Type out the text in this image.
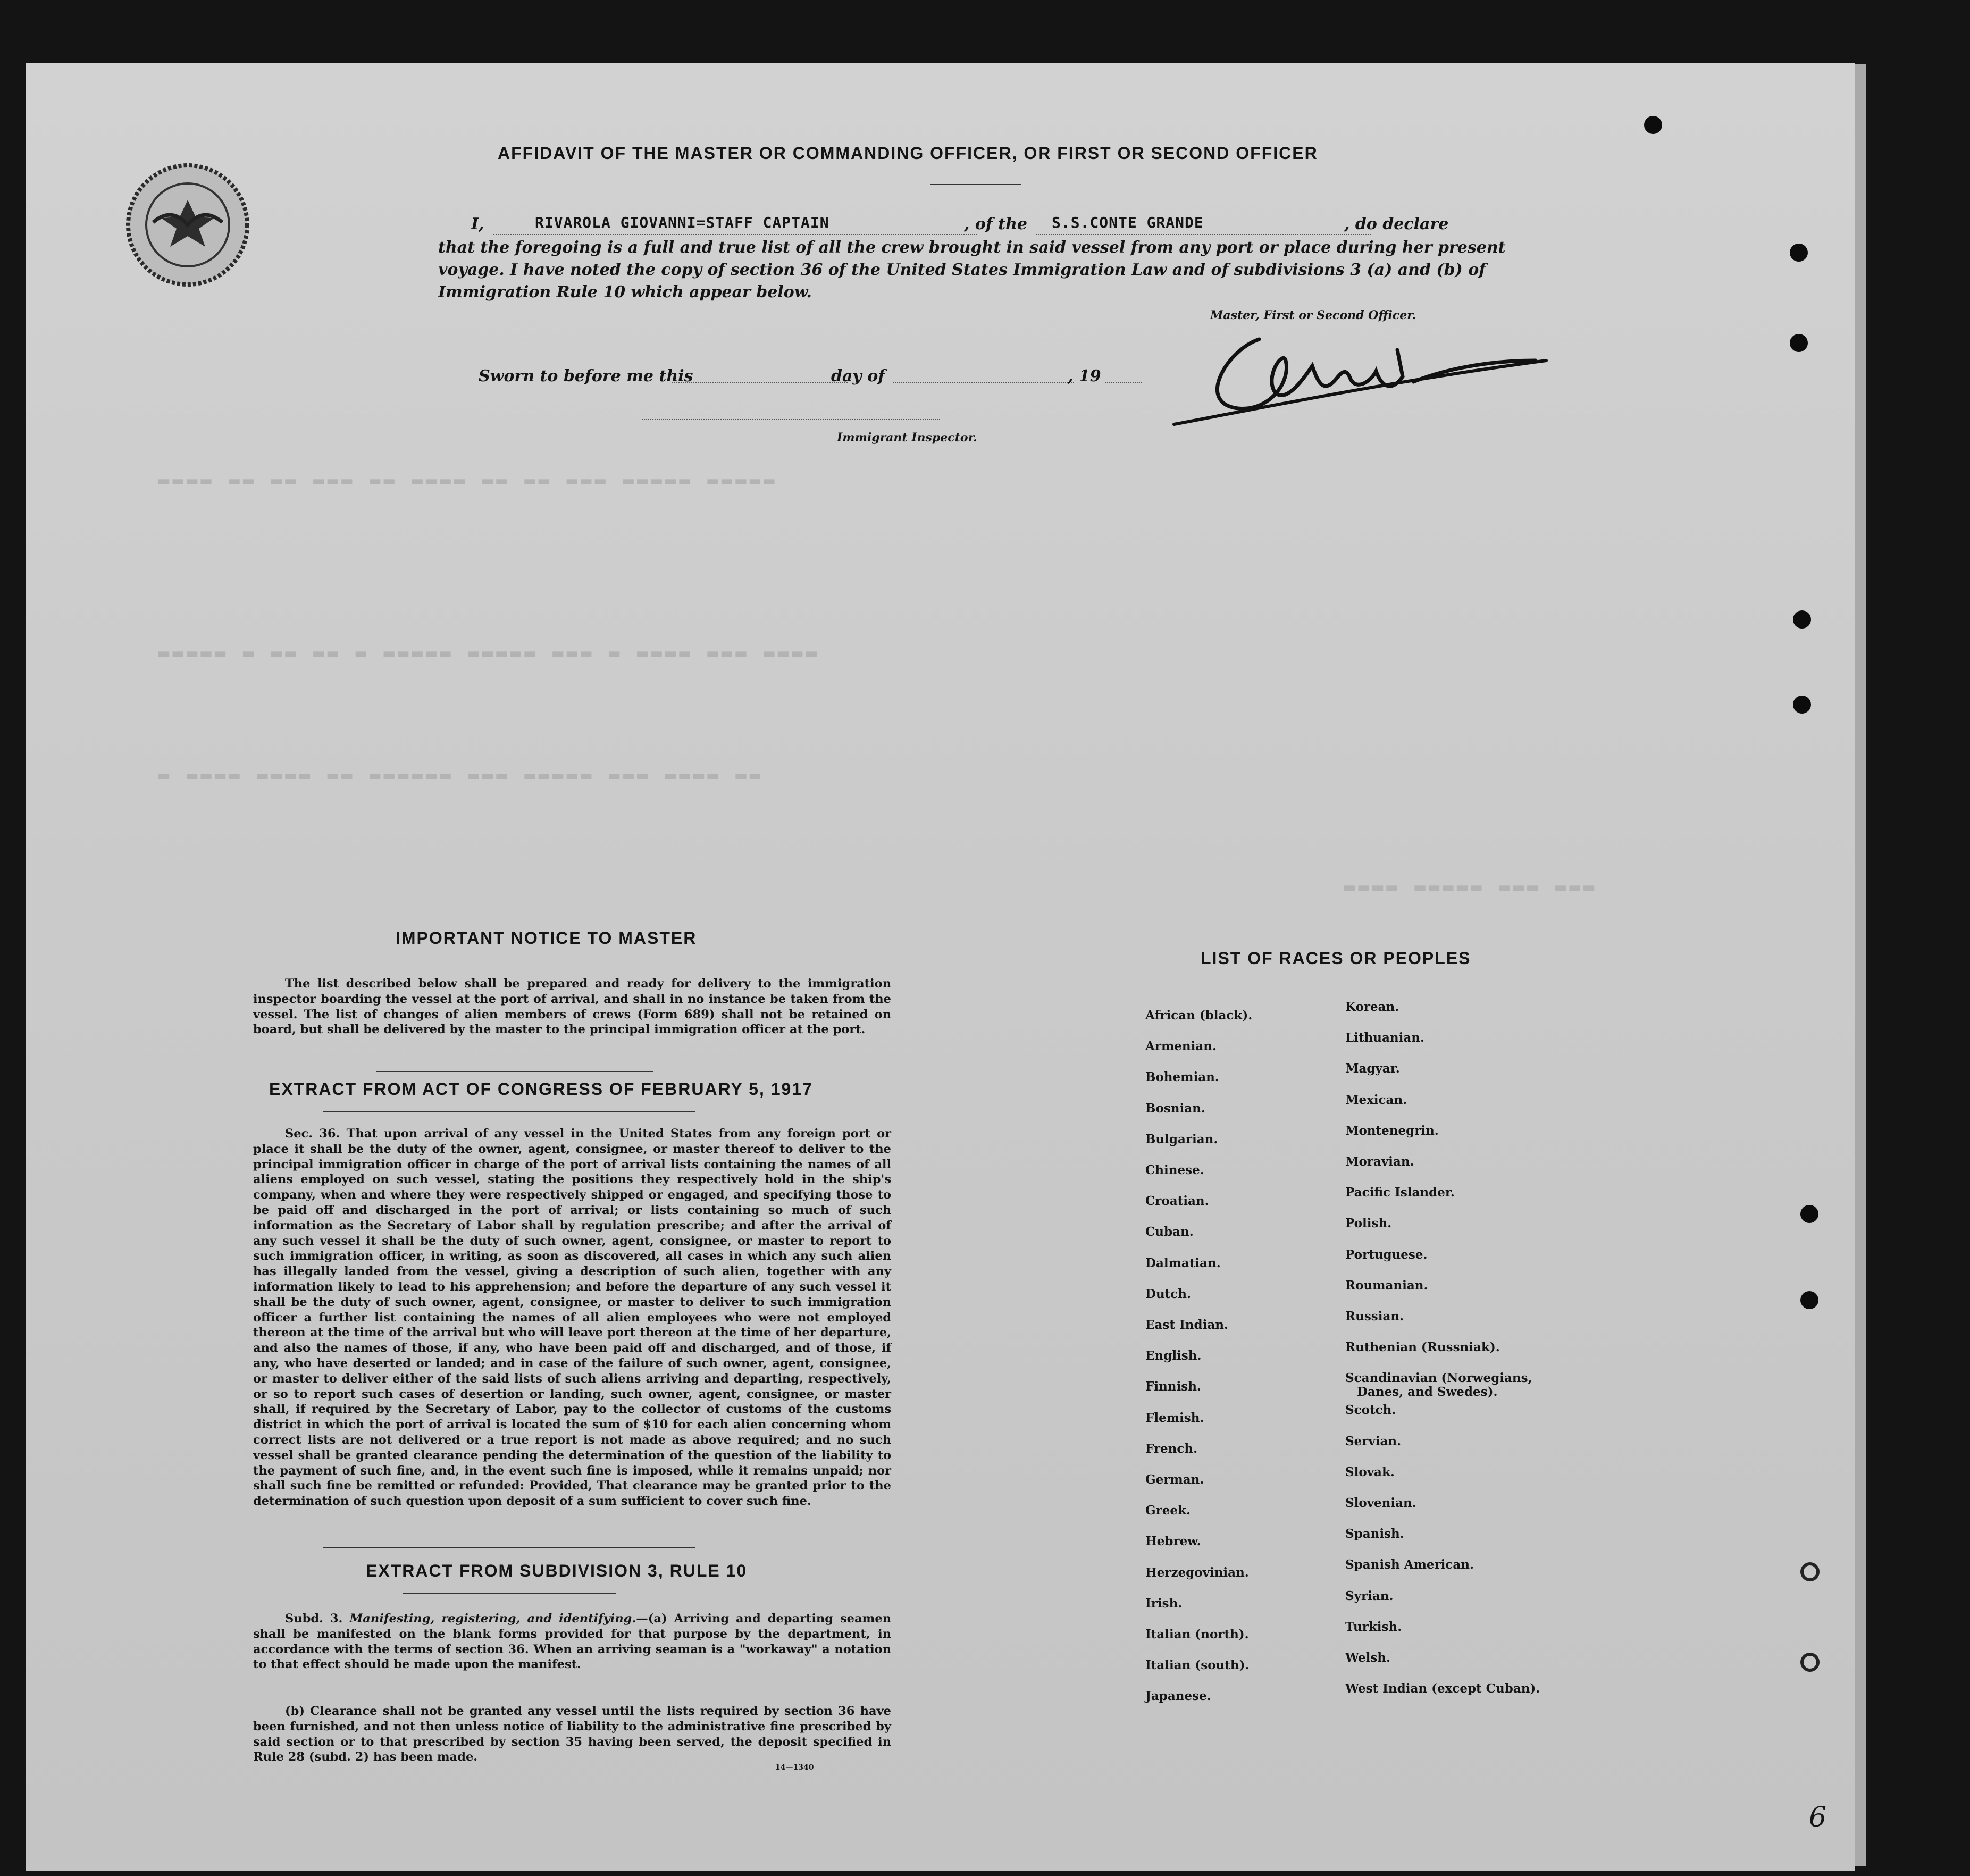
▬▬▬▬ ▬▬ ▬▬ ▬▬▬ ▬▬ ▬▬▬▬ ▬▬ ▬▬ ▬▬▬ ▬▬▬▬▬ ▬▬▬▬▬
▬▬▬▬▬ ▬ ▬▬ ▬▬ ▬ ▬▬▬▬▬ ▬▬▬▬▬ ▬▬▬ ▬ ▬▬▬▬ ▬▬▬ ▬▬▬▬
▬ ▬▬▬▬ ▬▬▬▬ ▬▬ ▬▬▬▬▬▬ ▬▬▬ ▬▬▬▬▬ ▬▬▬ ▬▬▬▬ ▬▬
▬▬▬▬ ▬▬▬▬▬ ▬▬▬ ▬▬▬
AFFIDAVIT OF THE MASTER OR COMMANDING OFFICER, OR FIRST OR SECOND OFFICER
I,	RIVAROLA GIOVANNI=STAFF CAPTAIN	, of the S.S.CONTE GRANDE	, do declare
that the foregoing is a full and true list of all the crew brought in said vessel from any port or place during her present
voyage. I have noted the copy of section 36 of the United States Immigration Law and of subdivisions 3 (a) and (b) of
Immigration Rule 10 which appear below.
Master, First or Second Officer.
Sworn to before me this	day of	, 19
Immigrant Inspector.
IMPORTANT NOTICE TO MASTER
The list described below shall be prepared and ready for delivery to the immigration inspector boarding the vessel at the port of arrival, and shall in no instance be taken from the vessel. The list of changes of alien members of crews (Form 689) shall not be retained on board, but shall be delivered by the master to the principal immigration officer at the port.
EXTRACT FROM ACT OF CONGRESS OF FEBRUARY 5, 1917
Sec. 36. That upon arrival of any vessel in the United States from any foreign port or place it shall be the duty of the owner, agent, consignee, or master thereof to deliver to the principal immigration officer in charge of the port of arrival lists containing the names of all aliens employed on such vessel, stating the positions they respectively hold in the ship's company, when and where they were respectively shipped or engaged, and specifying those to be paid off and discharged in the port of arrival; or lists containing so much of such information as the Secretary of Labor shall by regulation prescribe; and after the arrival of any such vessel it shall be the duty of such owner, agent, consignee, or master to report to such immigration officer, in writing, as soon as discovered, all cases in which any such alien has illegally landed from the vessel, giving a description of such alien, together with any information likely to lead to his apprehension; and before the departure of any such vessel it shall be the duty of such owner, agent, consignee, or master to deliver to such immigration officer a further list containing the names of all alien employees who were not employed thereon at the time of the arrival but who will leave port thereon at the time of her departure, and also the names of those, if any, who have been paid off and discharged, and of those, if any, who have deserted or landed; and in case of the failure of such owner, agent, consignee, or master to deliver either of the said lists of such aliens arriving and departing, respectively, or so to report such cases of desertion or landing, such owner, agent, consignee, or master shall, if required by the Secretary of Labor, pay to the collector of customs of the customs district in which the port of arrival is located the sum of $10 for each alien concerning whom correct lists are not delivered or a true report is not made as above required; and no such vessel shall be granted clearance pending the determination of the question of the liability to the payment of such fine, and, in the event such fine is imposed, while it remains unpaid; nor shall such fine be remitted or refunded: Provided, That clearance may be granted prior to the determination of such question upon deposit of a sum sufficient to cover such fine.
EXTRACT FROM SUBDIVISION 3, RULE 10
Subd. 3. Manifesting, registering, and identifying.—(a) Arriving and departing seamen shall be manifested on the blank forms provided for that purpose by the department, in accordance with the terms of section 36. When an arriving seaman is a "workaway" a notation to that effect should be made upon the manifest.
(b) Clearance shall not be granted any vessel until the lists required by section 36 have been furnished, and not then unless notice of liability to the administrative fine prescribed by said section or to that prescribed by section 35 having been served, the deposit specified in Rule 28 (subd. 2) has been made.
14—1340
LIST OF RACES OR PEOPLES
6
African (black).
Armenian.
Bohemian.
Bosnian.
Bulgarian.
Chinese.
Croatian.
Cuban.
Dalmatian.
Dutch.
East Indian.
English.
Finnish.
Flemish.
French.
German.
Greek.
Hebrew.
Herzegovinian.
Irish.
Italian (north).
Italian (south).
Japanese.
Korean.
Lithuanian.
Magyar.
Mexican.
Montenegrin.
Moravian.
Pacific Islander.
Polish.
Portuguese.
Roumanian.
Russian.
Ruthenian (Russniak).
Scandinavian (Norwegians,
Danes, and Swedes).
Scotch.
Servian.
Slovak.
Slovenian.
Spanish.
Spanish American.
Syrian.
Turkish.
Welsh.
West Indian (except Cuban).
